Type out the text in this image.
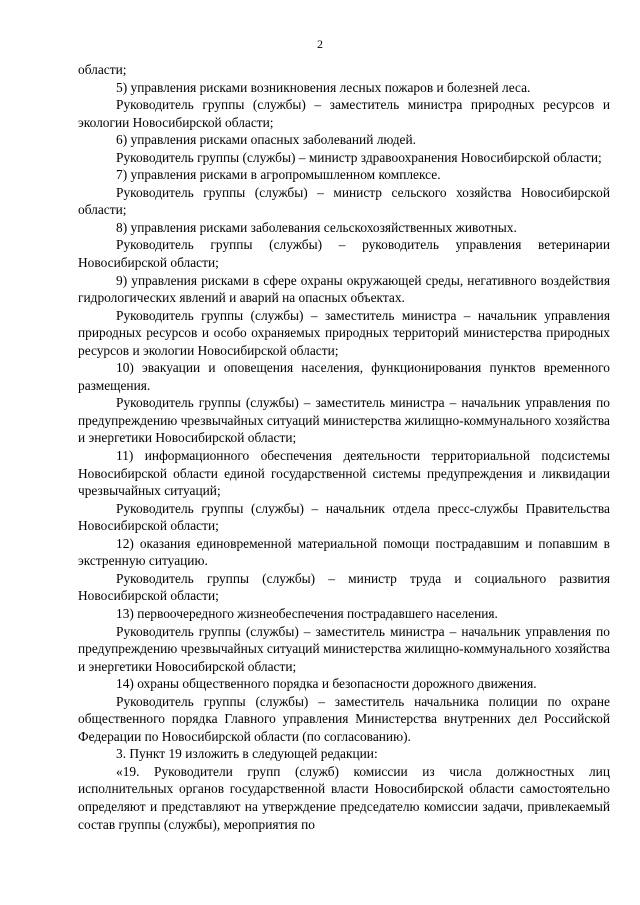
2

области;

5) управления рисками возникновения лесных пожаров и болезней леса.

Руководитель группы (службы) – заместитель министра природных ресурсов и экологии Новосибирской области;

6) управления рисками опасных заболеваний людей.

Руководитель группы (службы) – министр здравоохранения Новосибирской области;

7) управления рисками в агропромышленном комплексе.

Руководитель группы (службы) – министр сельского хозяйства Новосибирской области;

8) управления рисками заболевания сельскохозяйственных животных.

Руководитель группы (службы) – руководитель управления ветеринарии Новосибирской области;

9) управления рисками в сфере охраны окружающей среды, негативного воздействия гидрологических явлений и аварий на опасных объектах.

Руководитель группы (службы) – заместитель министра – начальник управления природных ресурсов и особо охраняемых природных территорий министерства природных ресурсов и экологии Новосибирской области;

10) эвакуации и оповещения населения, функционирования пунктов временного размещения.

Руководитель группы (службы) – заместитель министра – начальник управления по предупреждению чрезвычайных ситуаций министерства жилищно-коммунального хозяйства и энергетики Новосибирской области;

11) информационного обеспечения деятельности территориальной подсистемы Новосибирской области единой государственной системы предупреждения и ликвидации чрезвычайных ситуаций;

Руководитель группы (службы) – начальник отдела пресс-службы Правительства Новосибирской области;

12) оказания единовременной материальной помощи пострадавшим и попавшим в экстренную ситуацию.

Руководитель группы (службы) – министр труда и социального развития Новосибирской области;

13) первоочередного жизнеобеспечения пострадавшего населения.

Руководитель группы (службы) – заместитель министра – начальник управления по предупреждению чрезвычайных ситуаций министерства жилищно-коммунального хозяйства и энергетики Новосибирской области;

14) охраны общественного порядка и безопасности дорожного движения.

Руководитель группы (службы) – заместитель начальника полиции по охране общественного порядка Главного управления Министерства внутренних дел Российской Федерации по Новосибирской области (по согласованию).

3. Пункт 19 изложить в следующей редакции:

«19. Руководители групп (служб) комиссии из числа должностных лиц исполнительных органов государственной власти Новосибирской области самостоятельно определяют и представляют на утверждение председателю комиссии задачи, привлекаемый состав группы (службы), мероприятия по
